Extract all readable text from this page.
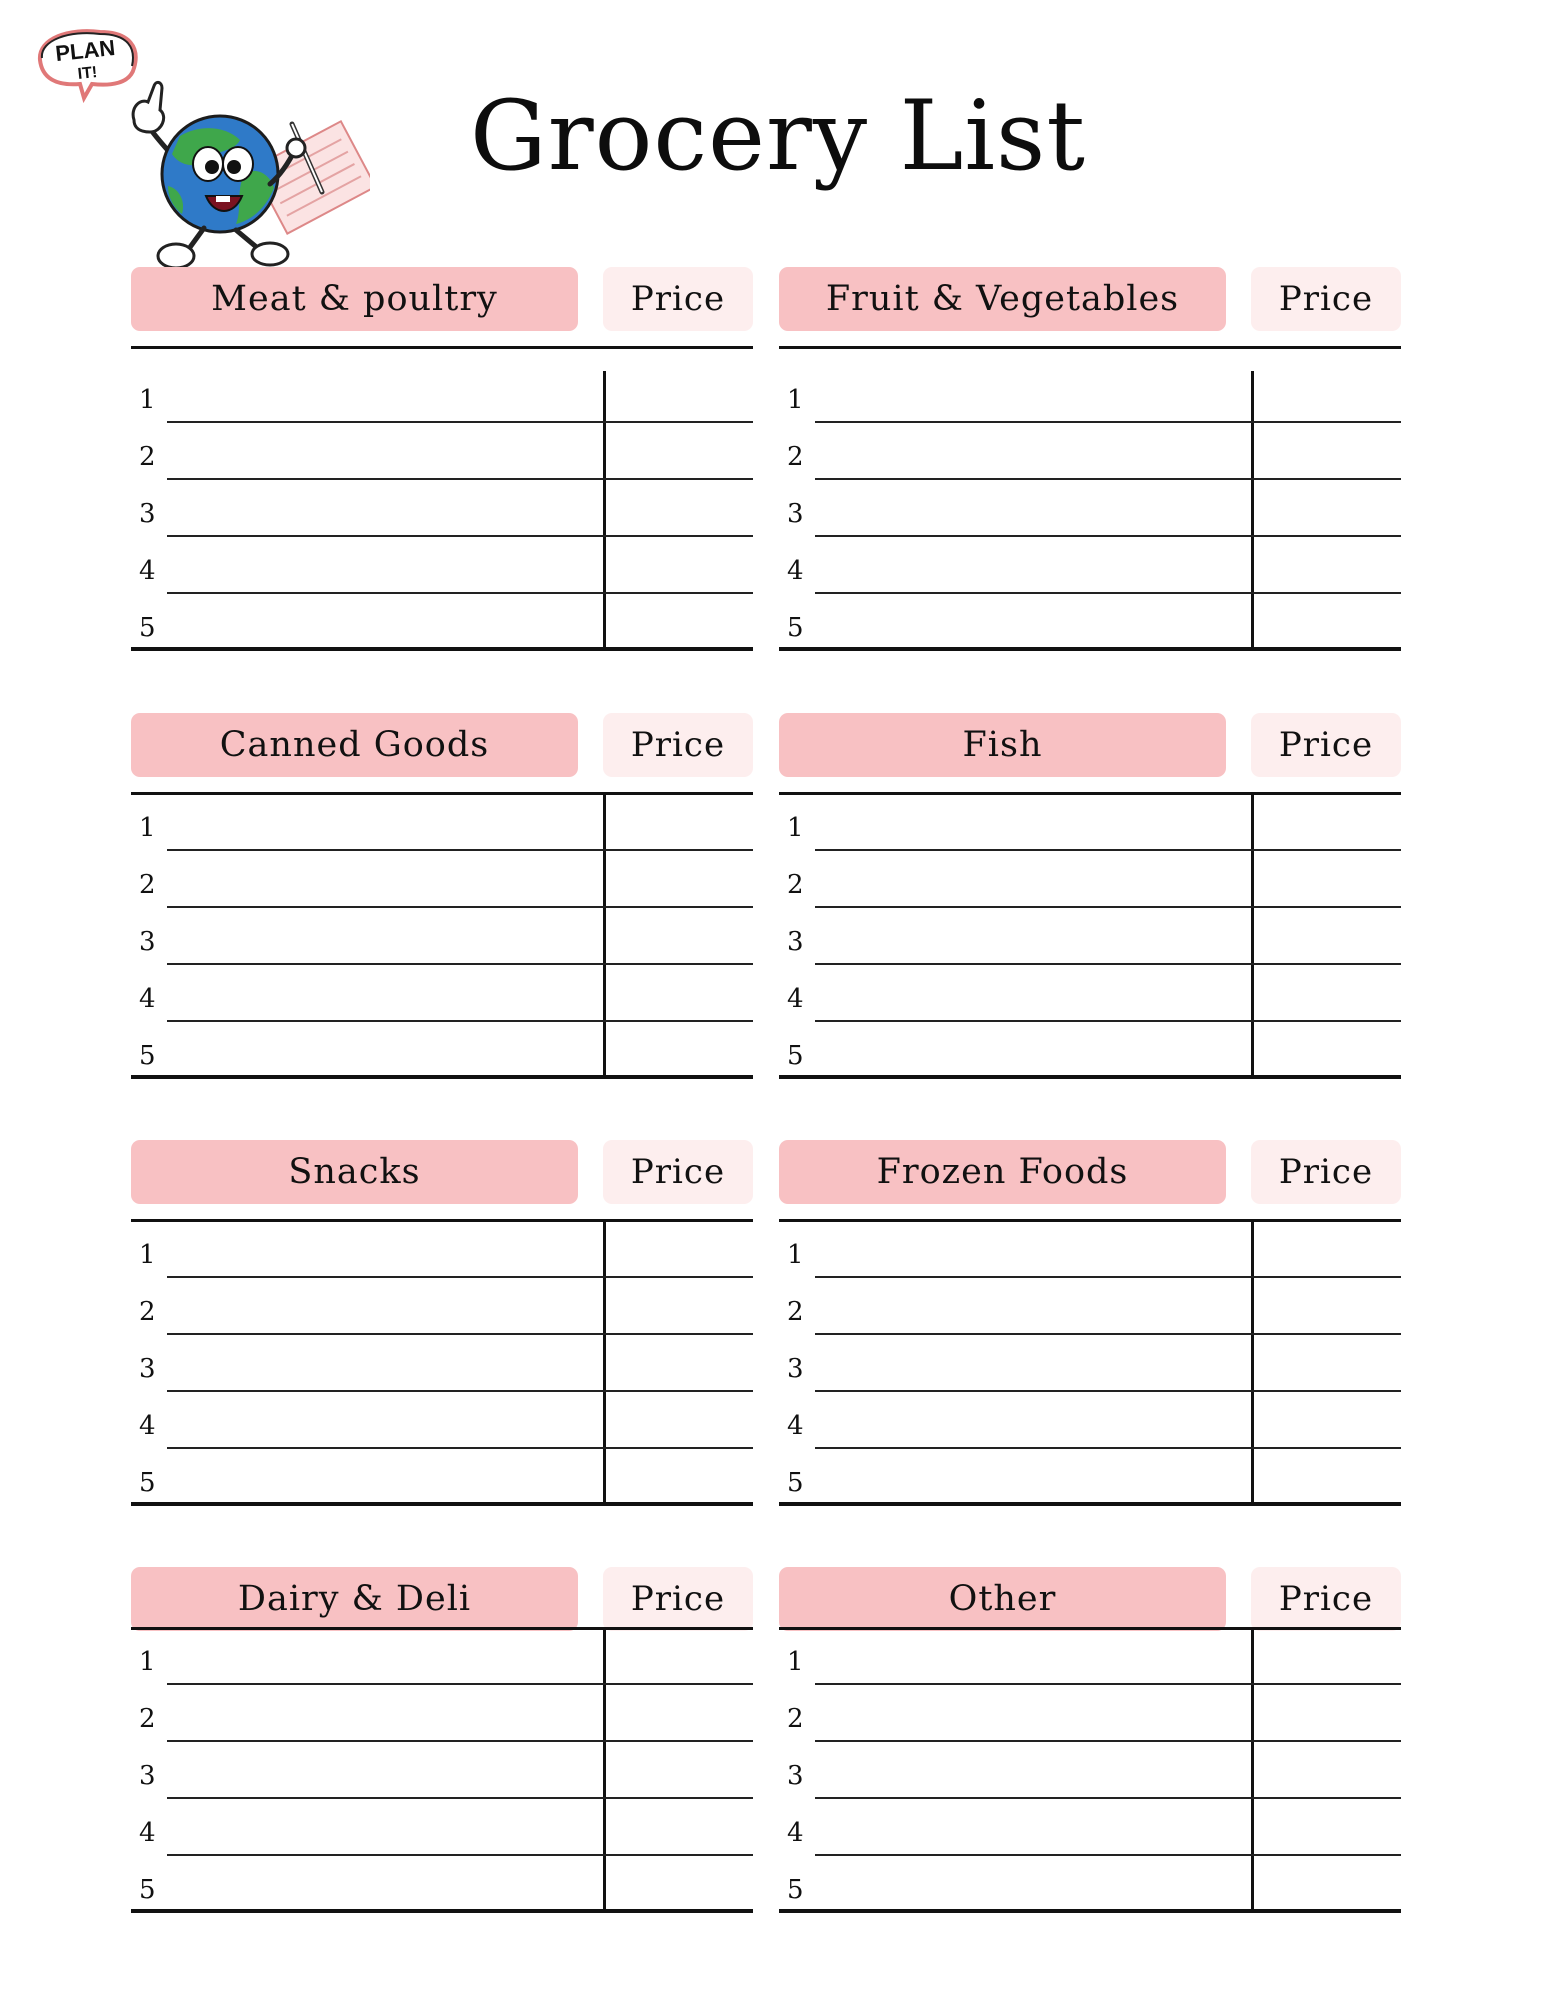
PLAN
IT!
Grocery List
Meat & poultry	Price
1
2
3
4
5
Fruit & Vegetables	Price
1
2
3
4
5
Canned Goods	Price
1
2
3
4
5
Fish	Price
1
2
3
4
5
Snacks	Price
1
2
3
4
5
Frozen Foods	Price
1
2
3
4
5
Dairy & Deli	Price
1
2
3
4
5
Other	Price
1
2
3
4
5
